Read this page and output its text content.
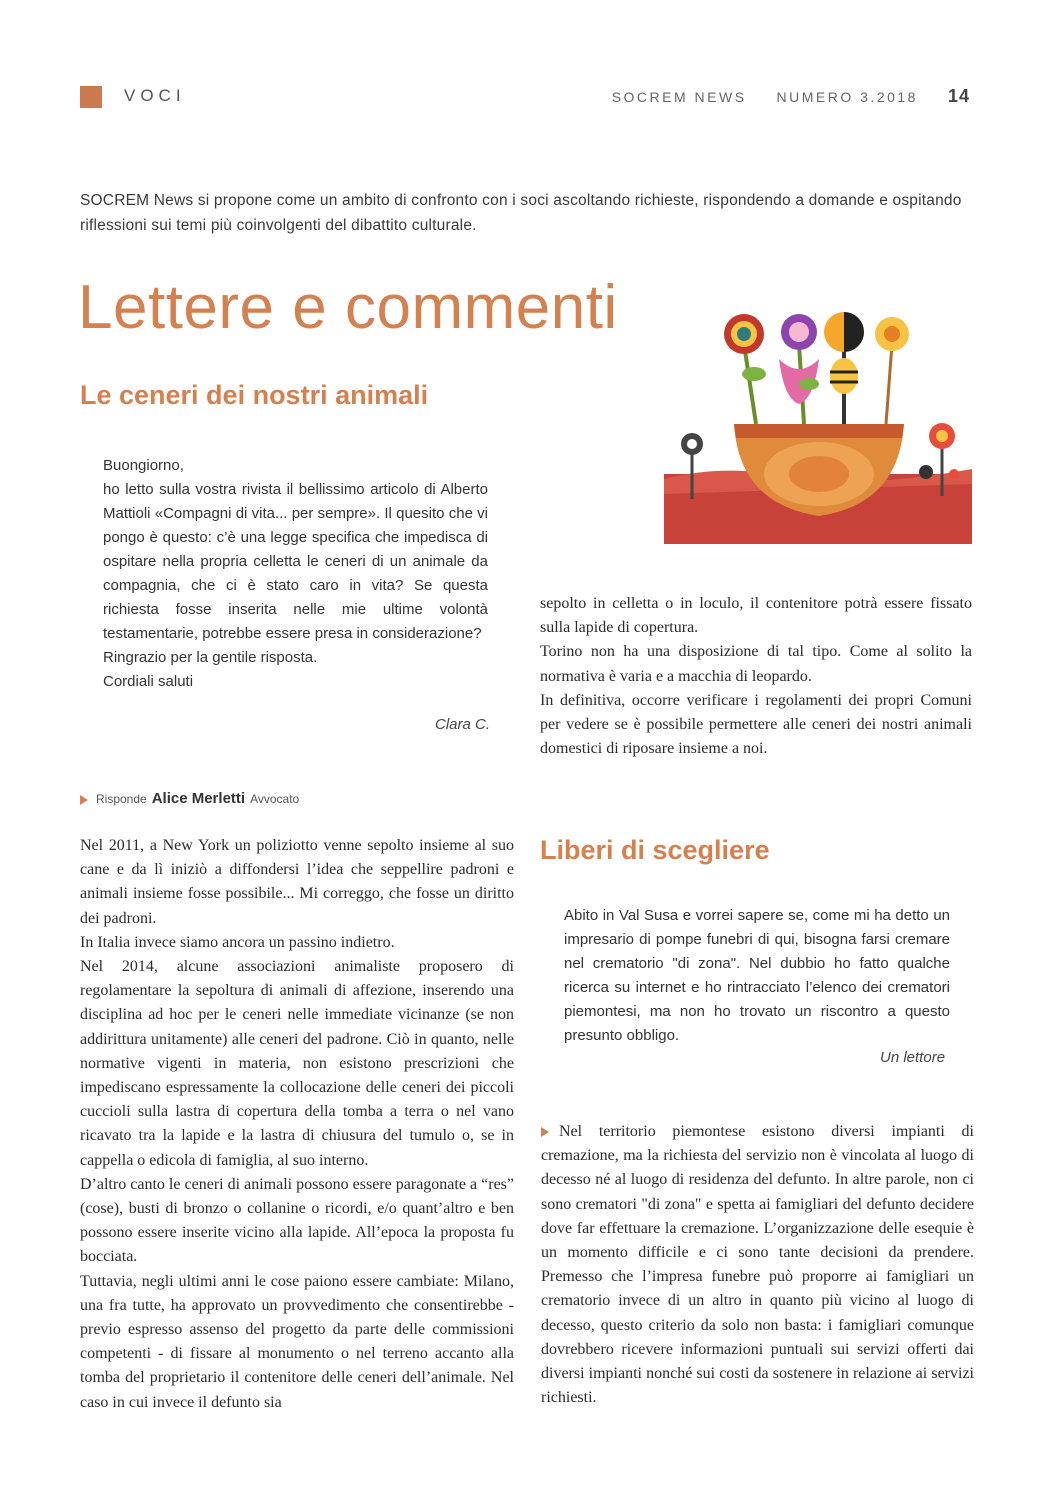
VOCI	SOCREM NEWS NUMERO 3.2018 14
SOCREM News si propone come un ambito di confronto con i soci ascoltando richieste, rispondendo a domande e ospitando riflessioni sui temi più coinvolgenti del dibattito culturale.
Lettere e commenti
Le ceneri dei nostri animali

Buongiorno,

ho letto sulla vostra rivista il bellissimo articolo di Alberto Mattioli «Compagni di vita... per sempre». Il quesito che vi pongo è questo: c’è una legge specifica che impedisca di ospitare nella propria celletta le ceneri di un animale da compagnia, che ci è stato caro in vita? Se questa richiesta fosse inserita nelle mie ultime volontà testamentarie, potrebbe essere presa in considerazione?

Ringrazio per la gentile risposta.

Cordiali saluti

Clara C.
Risponde Alice Merletti Avvocato

Nel 2011, a New York un poliziotto venne sepolto insieme al suo cane e da lì iniziò a diffondersi l’idea che seppellire padroni e animali insieme fosse possibile... Mi correggo, che fosse un diritto dei padroni.

In Italia invece siamo ancora un passino indietro.

Nel 2014, alcune associazioni animaliste proposero di regolamentare la sepoltura di animali di affezione, inserendo una disciplina ad hoc per le ceneri nelle immediate vicinanze (se non addirittura unitamente) alle ceneri del padrone. Ciò in quanto, nelle normative vigenti in materia, non esistono prescrizioni che impediscano espressamente la collocazione delle ceneri dei piccoli cuccioli sulla lastra di copertura della tomba a terra o nel vano ricavato tra la lapide e la lastra di chiusura del tumulo o, se in cappella o edicola di famiglia, al suo interno.

D’altro canto le ceneri di animali possono essere paragonate a “res” (cose), busti di bronzo o collanine o ricordi, e/o quant’altro e ben possono essere inserite vicino alla lapide. All’epoca la proposta fu bocciata.

Tuttavia, negli ultimi anni le cose paiono essere cambiate: Milano, una fra tutte, ha approvato un provvedimento che consentirebbe - previo espresso assenso del progetto da parte delle commissioni competenti - di fissare al monumento o nel terreno accanto alla tomba del proprietario il contenitore delle ceneri dell’animale. Nel caso in cui invece il defunto sia

sepolto in celletta o in loculo, il contenitore potrà essere fissato sulla lapide di copertura.

Torino non ha una disposizione di tal tipo. Come al solito la normativa è varia e a macchia di leopardo.

In definitiva, occorre verificare i regolamenti dei propri Comuni per vedere se è possibile permettere alle ceneri dei nostri animali domestici di riposare insieme a noi.

Liberi di scegliere
Abito in Val Susa e vorrei sapere se, come mi ha detto un impresario di pompe funebri di qui, bisogna farsi cremare nel crematorio "di zona". Nel dubbio ho fatto qualche ricerca su internet e ho rintracciato l’elenco dei crematori piemontesi, ma non ho trovato un riscontro a questo presunto obbligo.
Un lettore

Nel territorio piemontese esistono diversi impianti di cremazione, ma la richiesta del servizio non è vincolata al luogo di decesso né al luogo di residenza del defunto. In altre parole, non ci sono crematori "di zona" e spetta ai famigliari del defunto decidere dove far effettuare la cremazione. L’organizzazione delle esequie è un momento difficile e ci sono tante decisioni da prendere. Premesso che l’impresa funebre può proporre ai famigliari un crematorio invece di un altro in quanto più vicino al luogo di decesso, questo criterio da solo non basta: i famigliari comunque dovrebbero ricevere informazioni puntuali sui servizi offerti dai diversi impianti nonché sui costi da sostenere in relazione ai servizi richiesti.
